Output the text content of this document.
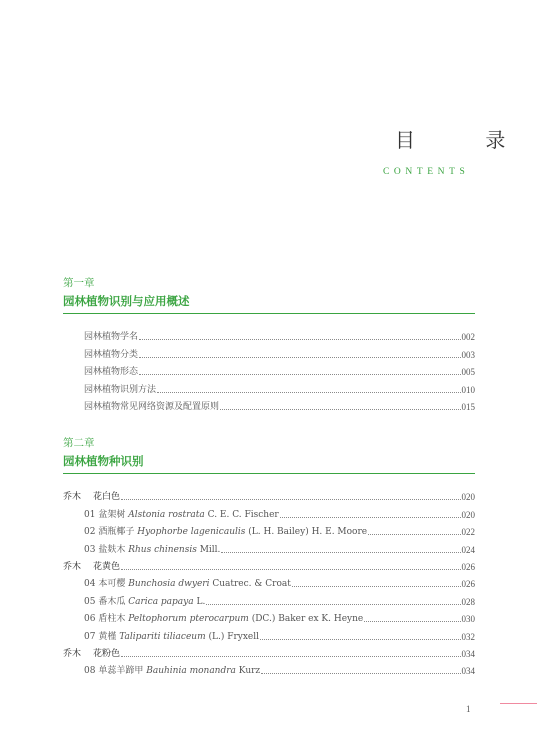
目 录
CONTENTS
第一章
园林植物识别与应用概述
园林植物学名	002
园林植物分类	003
园林植物形态	005
园林植物识别方法	010
园林植物常见网络资源及配置原则	015
第二章
园林植物种识别
乔木 花白色	020
01 盆架树 Alstonia rostrata C. E. C. Fischer	020
02 酒瓶椰子 Hyophorbe lagenicaulis (L. H. Bailey) H. E. Moore	022
03 盐麸木 Rhus chinensis Mill.	024
乔木 花黄色	026
04 本可樱 Bunchosia dwyeri Cuatrec. & Croat	026
05 番木瓜 Carica papaya L.	028
06 盾柱木 Peltophorum pterocarpum (DC.) Baker ex K. Heyne	030
07 黄槿 Talipariti tiliaceum (L.) Fryxell	032
乔木 花粉色	034
08 单蕊羊蹄甲 Bauhinia monandra Kurz	034
1
